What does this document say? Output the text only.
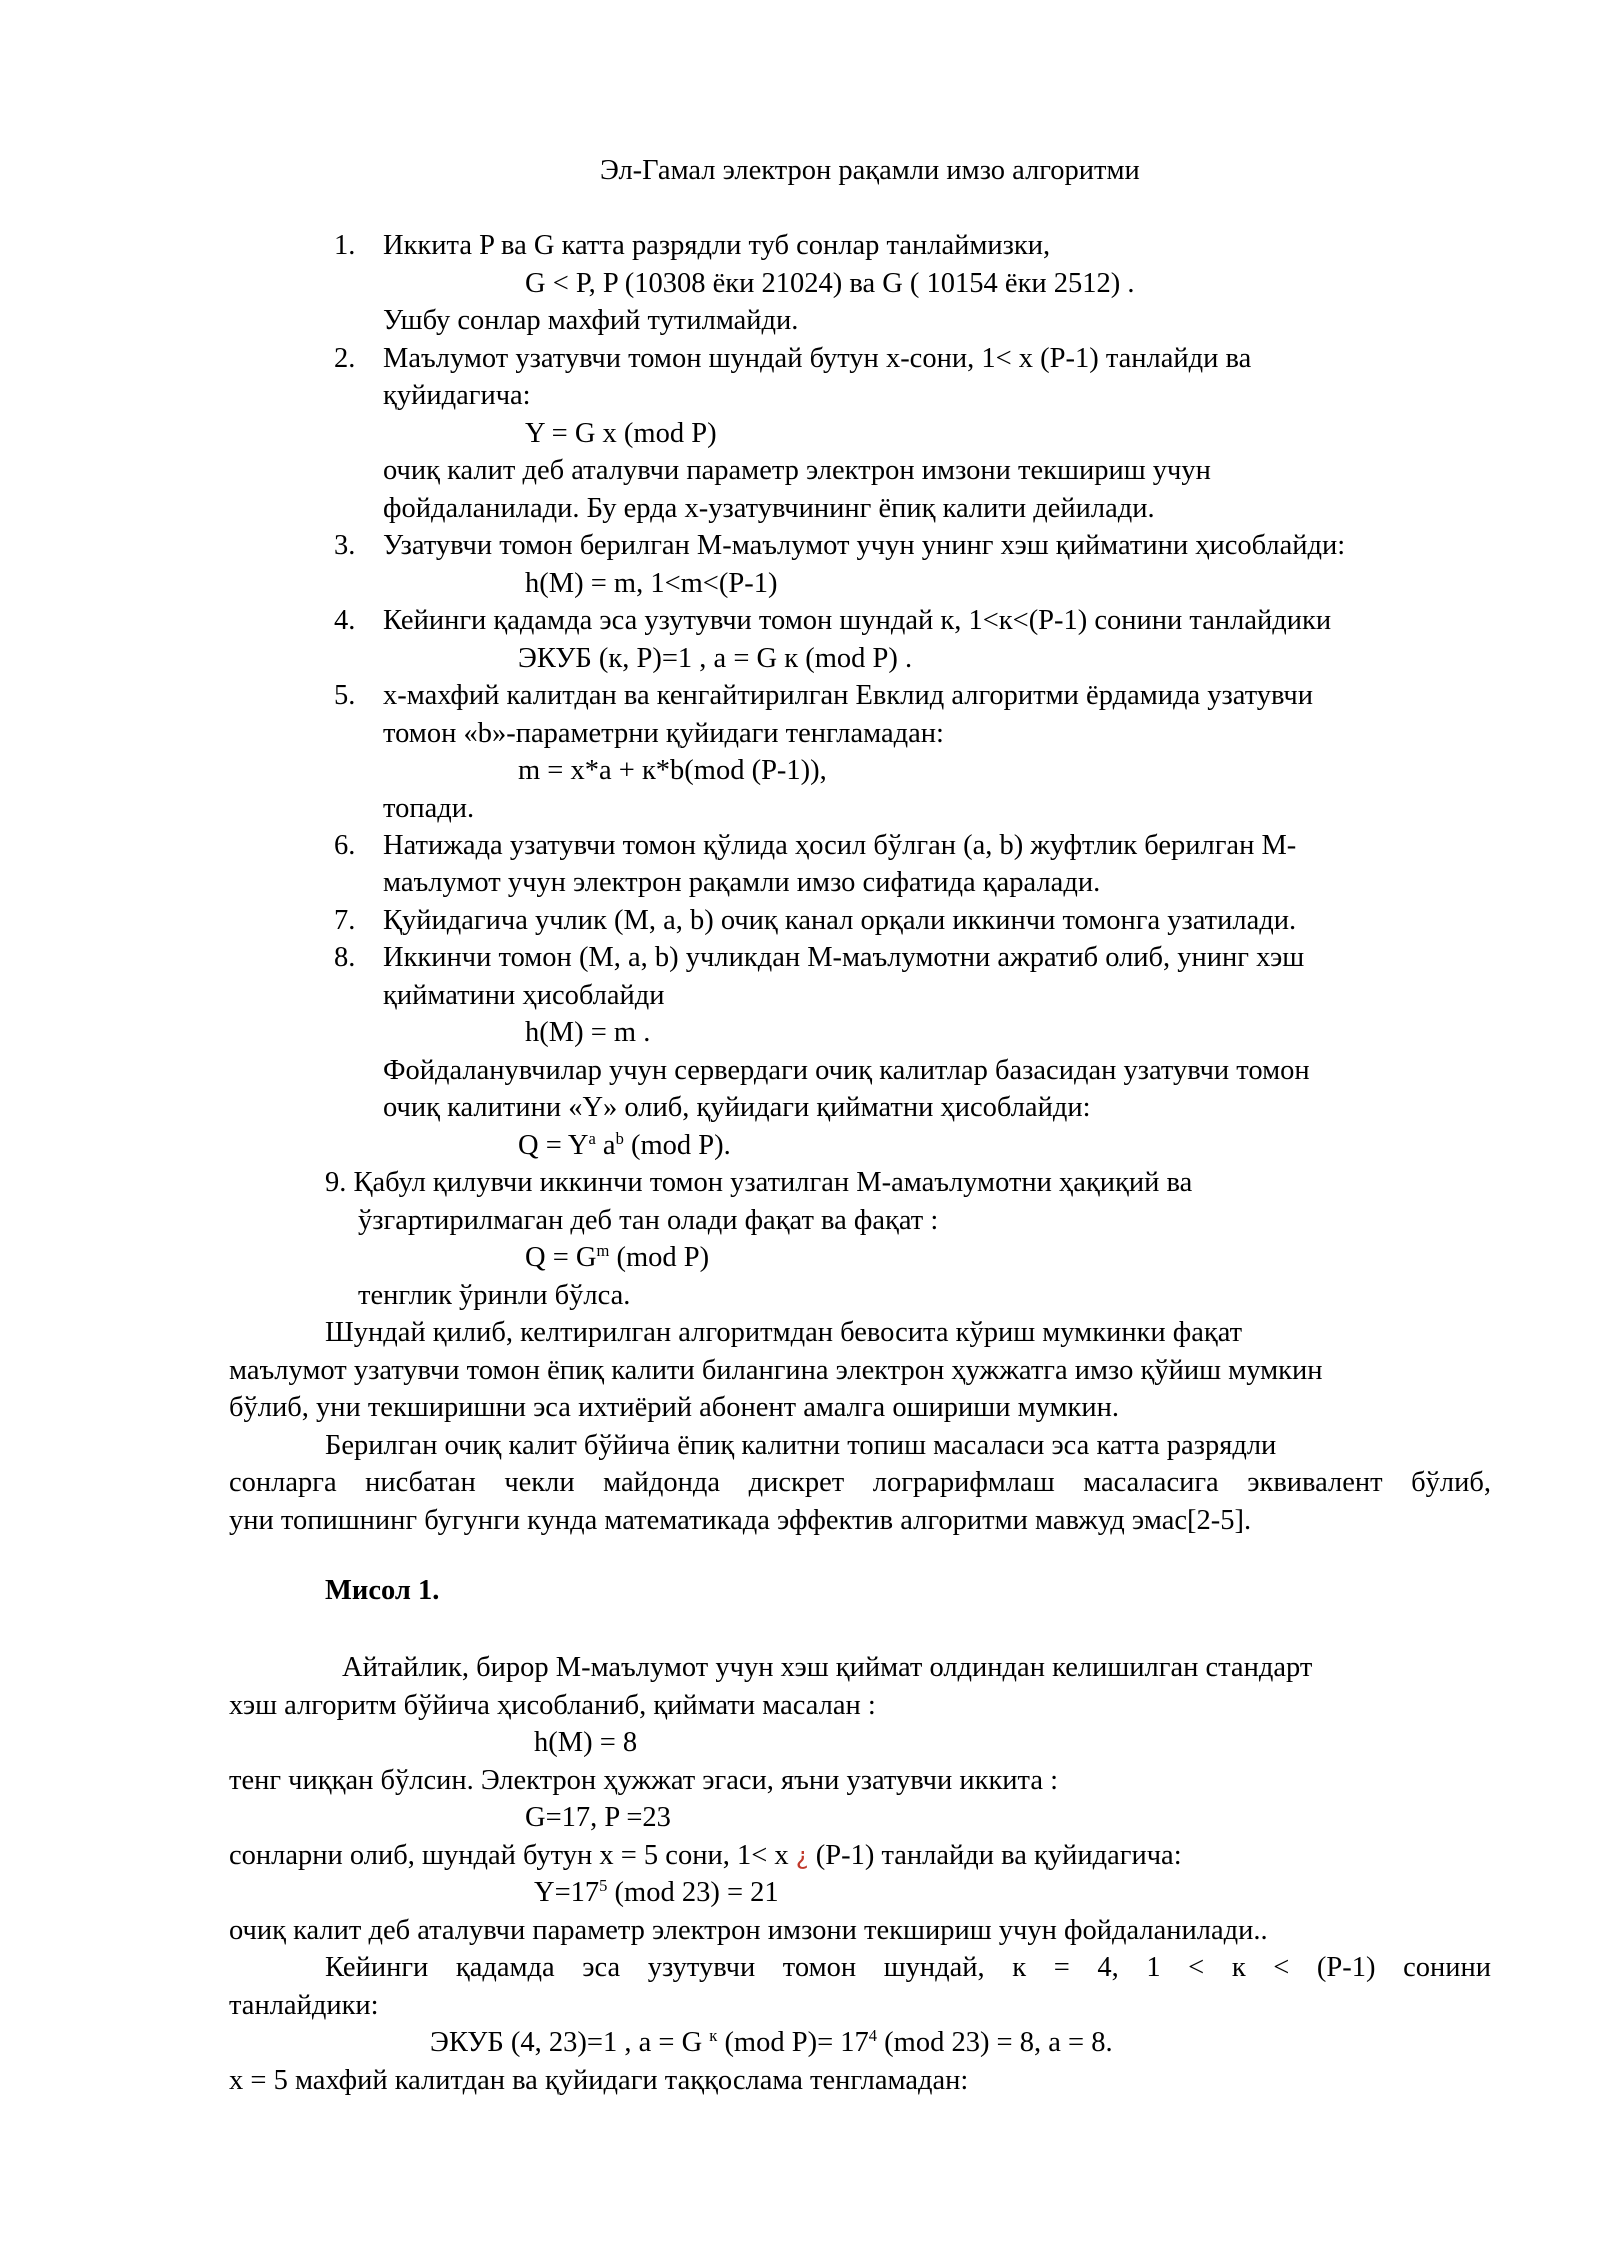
Эл-Гамал электрон рақамли имзо алгоритми
1. Иккита P ва G катта разрядли туб сонлар танлаймизки,
G < P, P (10308 ёки 21024) ва G ( 10154 ёки 2512) .
Ушбу сонлар махфий тутилмайди.
2. Маълумот узатувчи томон шундай бутун x-сони, 1< x (P-1) танлайди ва
қуйидагича:
Y = G x (mod P)
очиқ калит деб аталувчи параметр электрон имзони текшириш учун
фойдаланилади. Бу ерда x-узатувчининг ёпиқ калити дейилади.
3. Узатувчи томон берилган M-маълумот учун унинг хэш қийматини ҳисоблайди:
h(M) = m, 1<m<(P-1)
4. Кейинги қадамда эса узутувчи томон шундай к, 1<к<(P-1) сонини танлайдики
ЭКУБ (к, P)=1 , a = G к (mod P) .
5. x-махфий калитдан ва кенгайтирилган Евклид алгоритми ёрдамида узатувчи
томон «b»-параметрни қуйидаги тенгламадан:
m = x*a + к*b(mod (P-1)),
топади.
6. Натижада узатувчи томон қўлида ҳосил бўлган (a, b) жуфтлик берилган M-
маълумот учун электрон рақамли имзо сифатида қаралади.
7. Қуйидагича учлик (M, a, b) очиқ канал орқали иккинчи томонга узатилади.
8. Иккинчи томон (M, a, b) учликдан M-маълумотни ажратиб олиб, унинг хэш
қийматини ҳисоблайди
h(M) = m .
Фойдаланувчилар учун сервердаги очиқ калитлар базасидан узатувчи томон
очиқ калитини «Y» олиб, қуйидаги қийматни ҳисоблайди:
$Q = Y^a$ $a^b$ (mod P).
9. Қабул қилувчи иккинчи томон узатилган M-амаълумотни ҳақиқий ва
ўзгартирилмаган деб тан олади фақат ва фақат :
$Q = G^m$ (mod P)
тенглик ўринли бўлса.
Шундай қилиб, келтирилган алгоритмдан бевосита кўриш мумкинки фақат
маълумот узатувчи томон ёпиқ калити билангина электрон ҳужжатга имзо қўйиш мумкин
бўлиб, уни текширишни эса ихтиёрий абонент амалга ошириши мумкин.
Берилган очиқ калит бўйича ёпиқ калитни топиш масаласи эса катта разрядли
сонларга нисбатан чекли майдонда дискрет лограрифмлаш масаласига эквивалент бўлиб,
уни топишнинг бугунги кунда математикада эффектив алгоритми мавжуд эмас[2-5].
Мисол 1.
Айтайлик, бирор M-маълумот учун хэш қиймат олдиндан келишилган стандарт
хэш алгоритм бўйича ҳисобланиб, қиймати масалан :
h(M) = 8
тенг чиққан бўлсин. Электрон ҳужжат эгаси, яъни узатувчи иккита :
G=17, P =23
сонларни олиб, шундай бутун x = 5 сони, 1< x ¿ (P-1) танлайди ва қуйидагича:
$Y=17^5$ (mod 23) = 21
очиқ калит деб аталувчи параметр электрон имзони текшириш учун фойдаланилади..
Кейинги қадамда эса узутувчи томон шундай, к = 4, 1 < к < (P-1) сонини
танлайдики:
ЭКУБ (4, 23)=1 , a = G $^к$ (mod $P)= 17^4$ (mod 23) = 8, a = 8.
x = 5 махфий калитдан ва қуйидаги таққослама тенгламадан:
